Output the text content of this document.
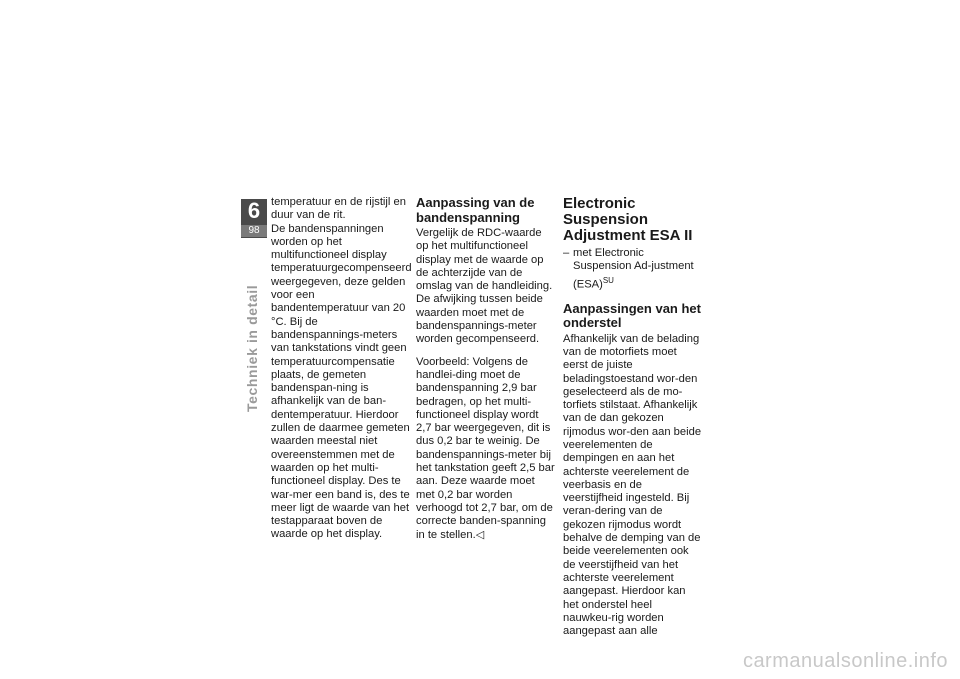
6
98
Techniek in detail

temperatuur en de rijstijl en duur van de rit.

De bandenspanningen worden op het multifunctioneel display temperatuurgecompenseerd weergegeven, deze gelden voor een bandentemperatuur van 20 °C. Bij de bandenspannings-meters van tankstations vindt geen temperatuurcompensatie plaats, de gemeten bandenspan-ning is afhankelijk van de ban-dentemperatuur. Hierdoor zullen de daarmee gemeten waarden meestal niet overeenstemmen met de waarden op het multi-functioneel display. Des te war-mer een band is, des te meer ligt de waarde van het testapparaat boven de waarde op het display.

Aanpassing van de bandenspanning

Vergelijk de RDC-waarde op het multifunctioneel display met de waarde op de achterzijde van de omslag van de handleiding. De afwijking tussen beide waarden moet met de bandenspannings-meter worden gecompenseerd.

Voorbeeld: Volgens de handlei-ding moet de bandenspanning 2,9 bar bedragen, op het multi-functioneel display wordt 2,7 bar weergegeven, dit is dus 0,2 bar te weinig. De bandenspannings-meter bij het tankstation geeft 2,5 bar aan. Deze waarde moet met 0,2 bar worden verhoogd tot 2,7 bar, om de correcte banden-spanning in te stellen.◁

Electronic Suspension Adjustment ESA II
– met Electronic Suspension Ad-justment (ESA)$^{SU}$
Aanpassingen van het onderstel

Afhankelijk van de belading van de motorfiets moet eerst de juiste beladingstoestand wor-den geselecteerd als de mo-torfiets stilstaat. Afhankelijk van de dan gekozen rijmodus wor-den aan beide veerelementen de dempingen en aan het achterste veerelement de veerbasis en de veerstijfheid ingesteld. Bij veran-dering van de gekozen rijmodus wordt behalve de demping van de beide veerelementen ook de veerstijfheid van het achterste veerelement aangepast. Hierdoor kan het onderstel heel nauwkeu-rig worden aangepast aan alle

carmanualsonline.info
